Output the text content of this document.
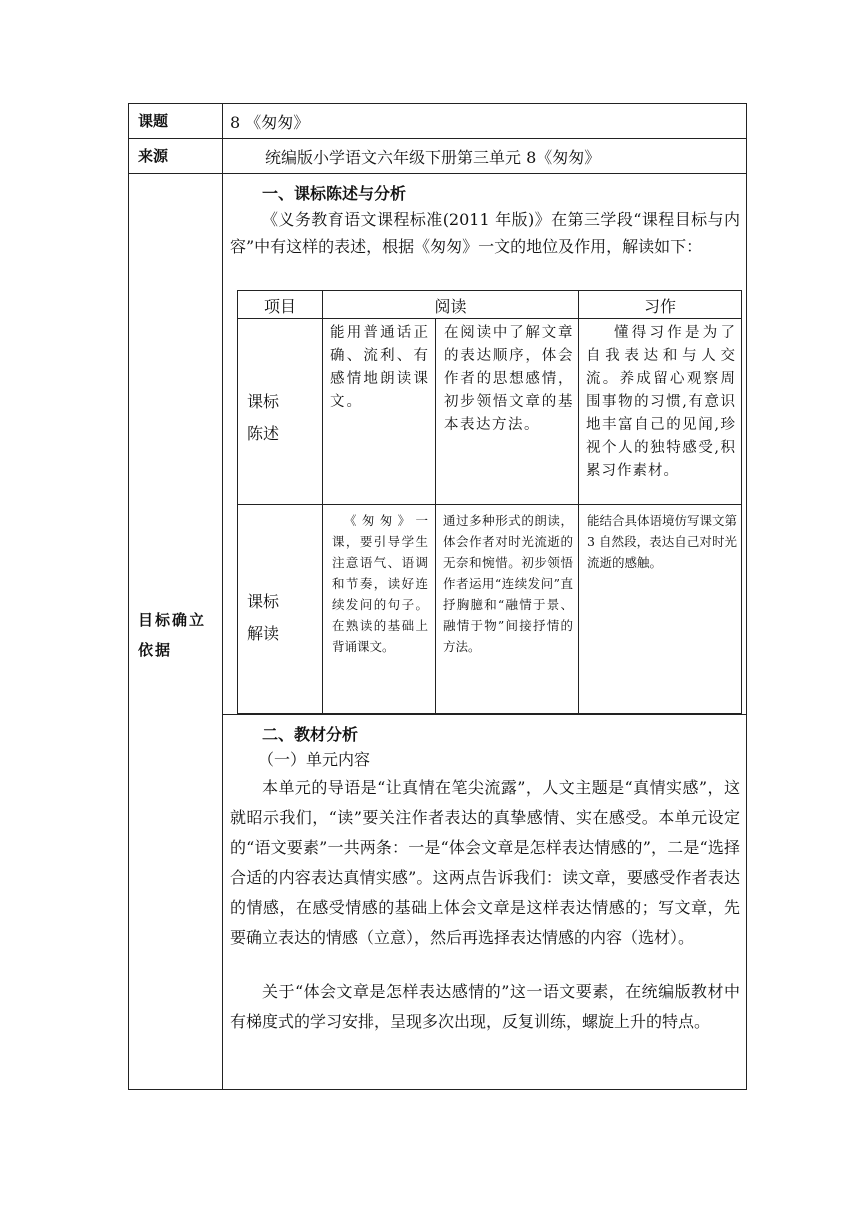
课题
来源
目标确立依据
8 《匆匆》
统编版小学语文六年级下册第三单元 8《匆匆》
一、课标陈述与分析

《义务教育语文课程标准(2011 年版)》在第三学段“课程目标与内容”中有这样的表述，根据《匆匆》一文的地位及作用，解读如下：

项目	阅读	习作
课标陈述

能用普通话正确、流利、有感情地朗读课文。

在阅读中了解文章的表达顺序，体会作者的思想感情，初步领悟文章的基本表达方法。

懂得习作是为了自我表达和与人交流。养成留心观察周围事物的习惯,有意识地丰富自己的见闻,珍视个人的独特感受,积累习作素材。

课标解读

《匆匆》一课，要引导学生注意语气、语调和节奏，读好连续发问的句子。在熟读的基础上背诵课文。

通过多种形式的朗读，体会作者对时光流逝的无奈和惋惜。初步领悟作者运用“连续发问”直抒胸臆和“融情于景、融情于物”间接抒情的方法。

能结合具体语境仿写课文第 3 自然段，表达自己对时光流逝的感触。

二、教材分析
（一）单元内容

本单元的导语是“让真情在笔尖流露”，人文主题是“真情实感”，这就昭示我们，“读”要关注作者表达的真挚感情、实在感受。本单元设定的“语文要素”一共两条：一是“体会文章是怎样表达情感的”，二是“选择合适的内容表达真情实感”。这两点告诉我们：读文章，要感受作者表达的情感，在感受情感的基础上体会文章是这样表达情感的；写文章，先要确立表达的情感（立意），然后再选择表达情感的内容（选材）。

关于“体会文章是怎样表达感情的”这一语文要素，在统编版教材中有梯度式的学习安排，呈现多次出现，反复训练，螺旋上升的特点。
